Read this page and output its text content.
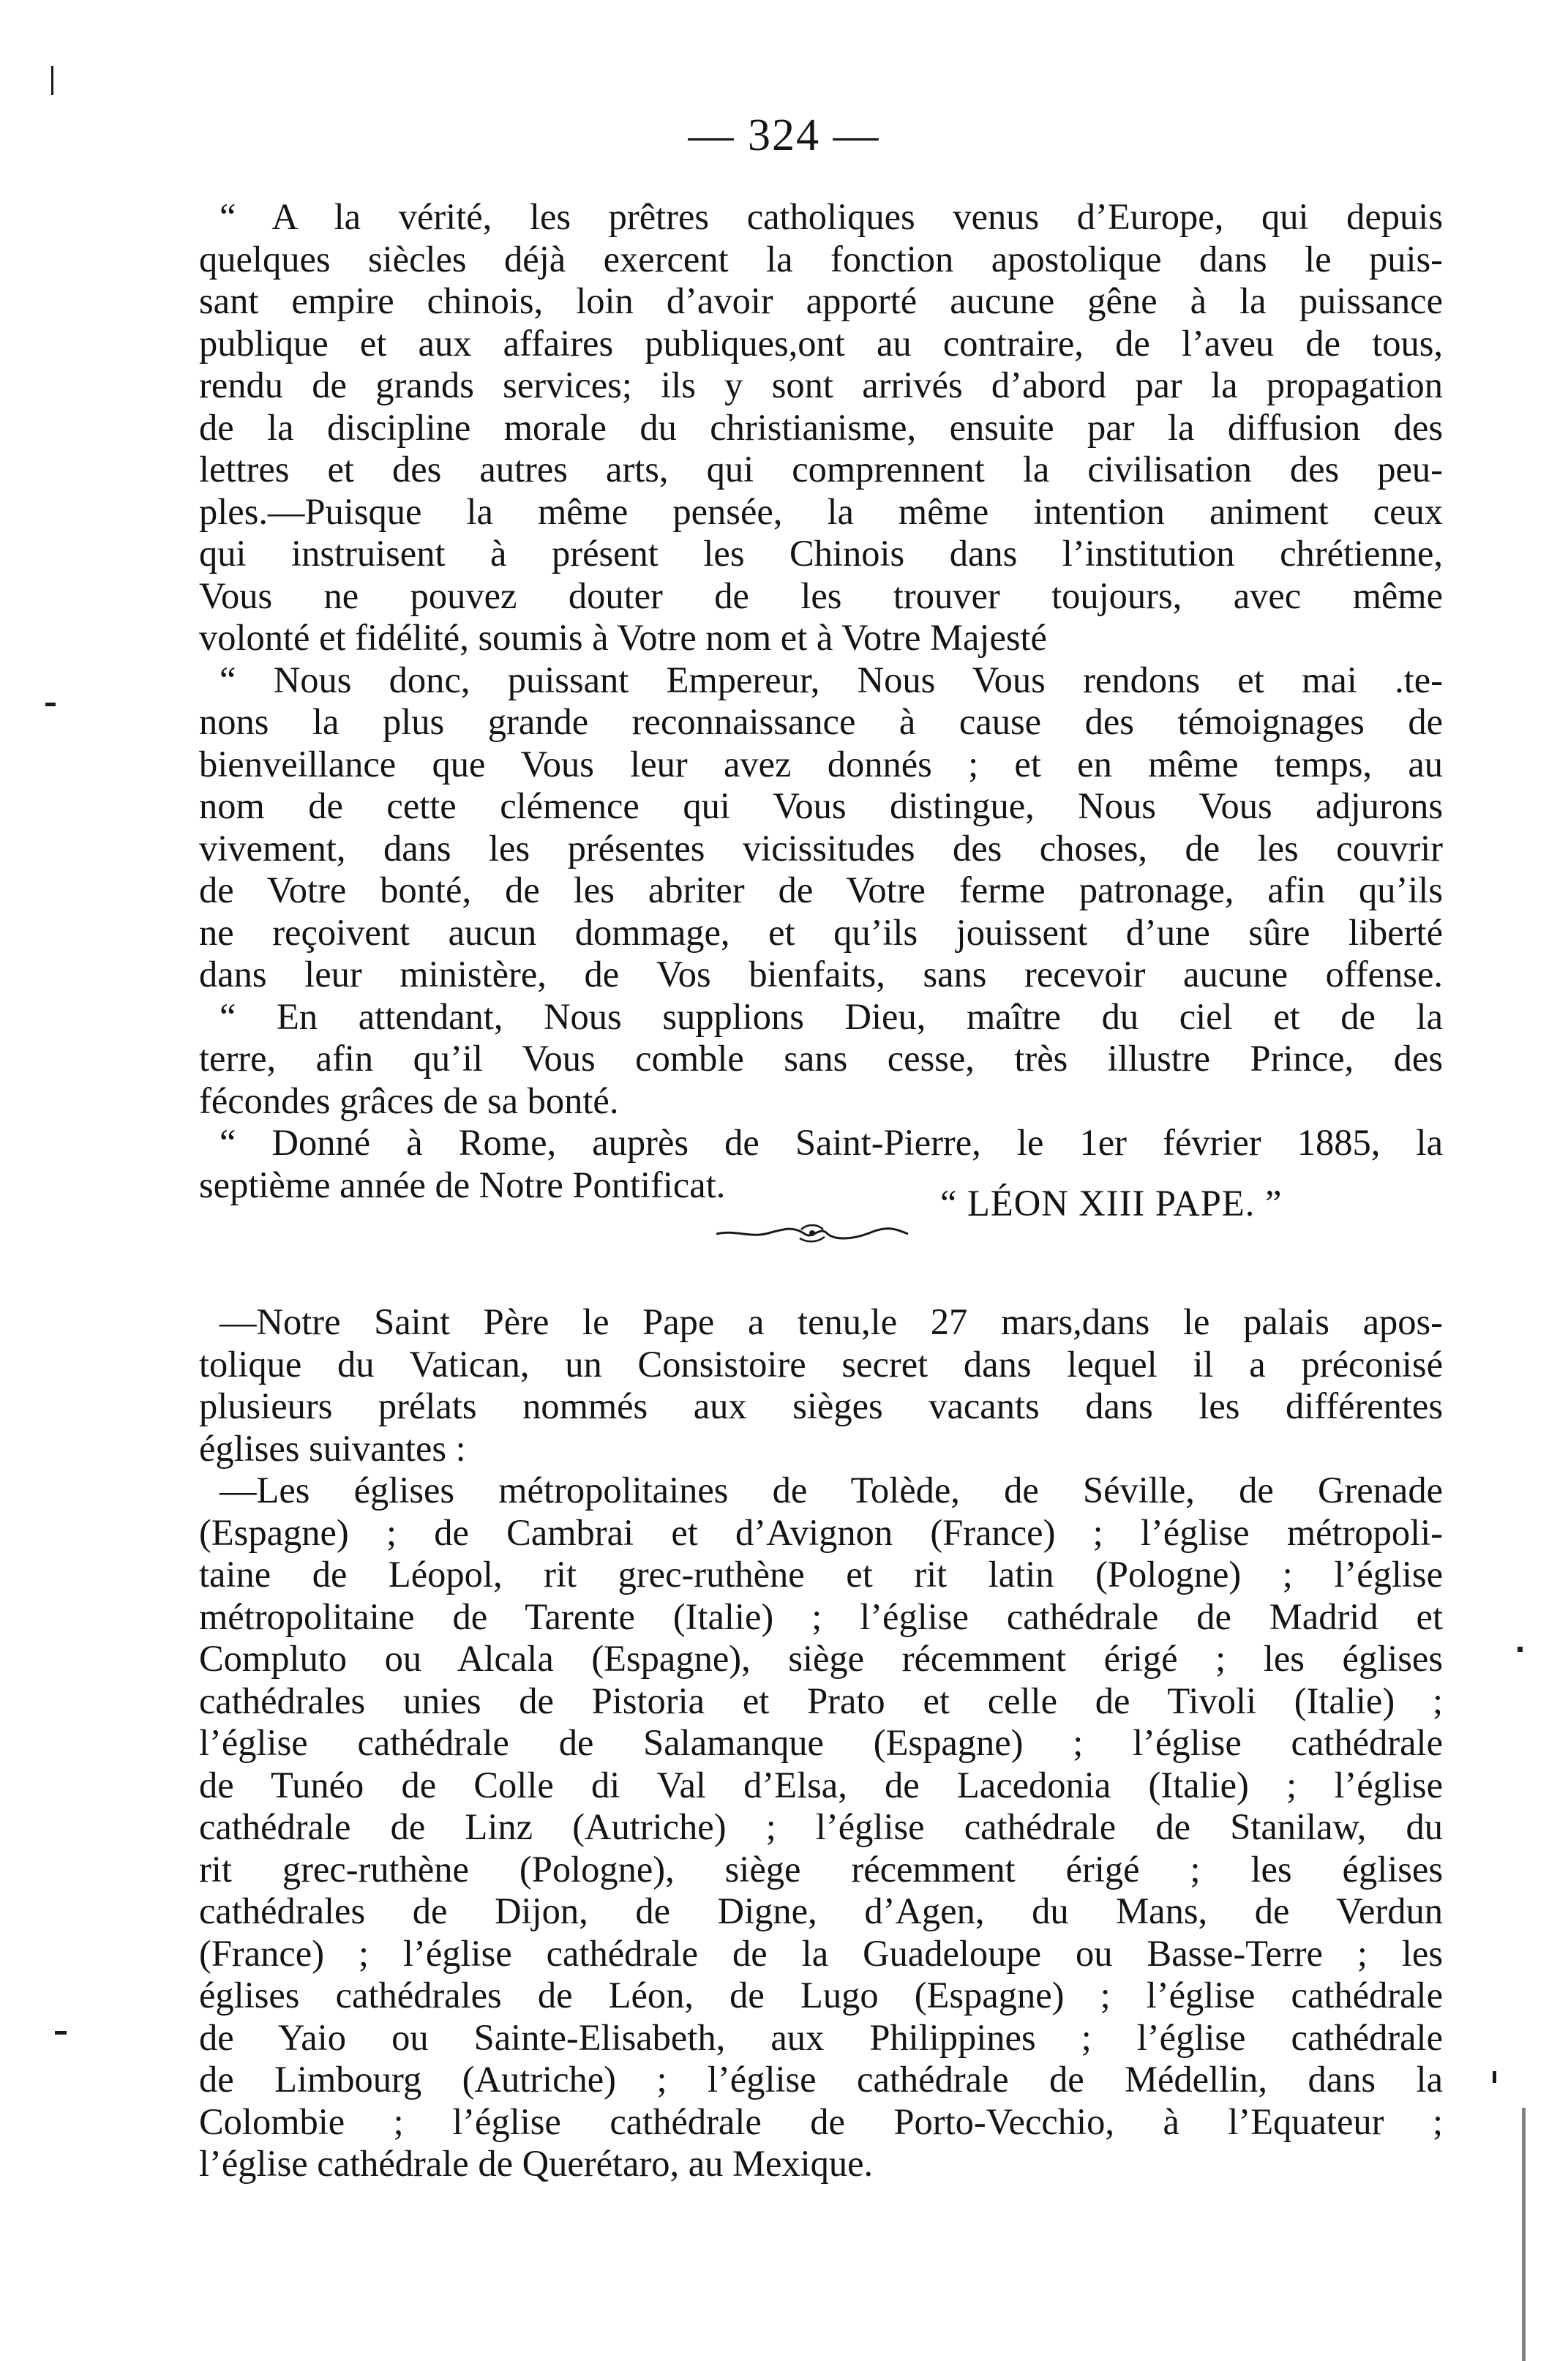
— 324 —
“ A la vérité, les prêtres catholiques venus d’Europe, qui depuis
quelques siècles déjà exercent la fonction apostolique dans le puis-
sant empire chinois, loin d’avoir apporté aucune gêne à la puissance
publique et aux affaires publiques,ont au contraire, de l’aveu de tous,
rendu de grands services; ils y sont arrivés d’abord par la propagation
de la discipline morale du christianisme, ensuite par la diffusion des
lettres et des autres arts, qui comprennent la civilisation des peu-
ples.—Puisque la même pensée, la même intention animent ceux
qui instruisent à présent les Chinois dans l’institution chrétienne,
Vous ne pouvez douter de les trouver toujours, avec même
volonté et fidélité, soumis à Votre nom et à Votre Majesté
“ Nous donc, puissant Empereur, Nous Vous rendons et mai .te-
nons la plus grande reconnaissance à cause des témoignages de
bienveillance que Vous leur avez donnés ; et en même temps, au
nom de cette clémence qui Vous distingue, Nous Vous adjurons
vivement, dans les présentes vicissitudes des choses, de les couvrir
de Votre bonté, de les abriter de Votre ferme patronage, afin qu’ils
ne reçoivent aucun dommage, et qu’ils jouissent d’une sûre liberté
dans leur ministère, de Vos bienfaits, sans recevoir aucune offense.
“ En attendant, Nous supplions Dieu, maître du ciel et de la
terre, afin qu’il Vous comble sans cesse, très illustre Prince, des
fécondes grâces de sa bonté.
“ Donné à Rome, auprès de Saint-Pierre, le 1er février 1885, la
septième année de Notre Pontificat.	“ LÉON XIII PAPE. ”
—Notre Saint Père le Pape a tenu,le 27 mars,dans le palais apos-
tolique du Vatican, un Consistoire secret dans lequel il a préconisé
plusieurs prélats nommés aux sièges vacants dans les différentes
églises suivantes :
—Les églises métropolitaines de Tolède, de Séville, de Grenade
(Espagne) ; de Cambrai et d’Avignon (France) ; l’église métropoli-
taine de Léopol, rit grec-ruthène et rit latin (Pologne) ; l’église
métropolitaine de Tarente (Italie) ; l’église cathédrale de Madrid et
Compluto ou Alcala (Espagne), siège récemment érigé ; les églises
cathédrales unies de Pistoria et Prato et celle de Tivoli (Italie) ;
l’église cathédrale de Salamanque (Espagne) ; l’église cathédrale
de Tunéo de Colle di Val d’Elsa, de Lacedonia (Italie) ; l’église
cathédrale de Linz (Autriche) ; l’église cathédrale de Stanilaw, du
rit grec-ruthène (Pologne), siège récemment érigé ; les églises
cathédrales de Dijon, de Digne, d’Agen, du Mans, de Verdun
(France) ; l’église cathédrale de la Guadeloupe ou Basse-Terre ; les
églises cathédrales de Léon, de Lugo (Espagne) ; l’église cathédrale
de Yaio ou Sainte-Elisabeth, aux Philippines ; l’église cathédrale
de Limbourg (Autriche) ; l’église cathédrale de Médellin, dans la
Colombie ; l’église cathédrale de Porto-Vecchio, à l’Equateur ;
l’église cathédrale de Querétaro, au Mexique.
